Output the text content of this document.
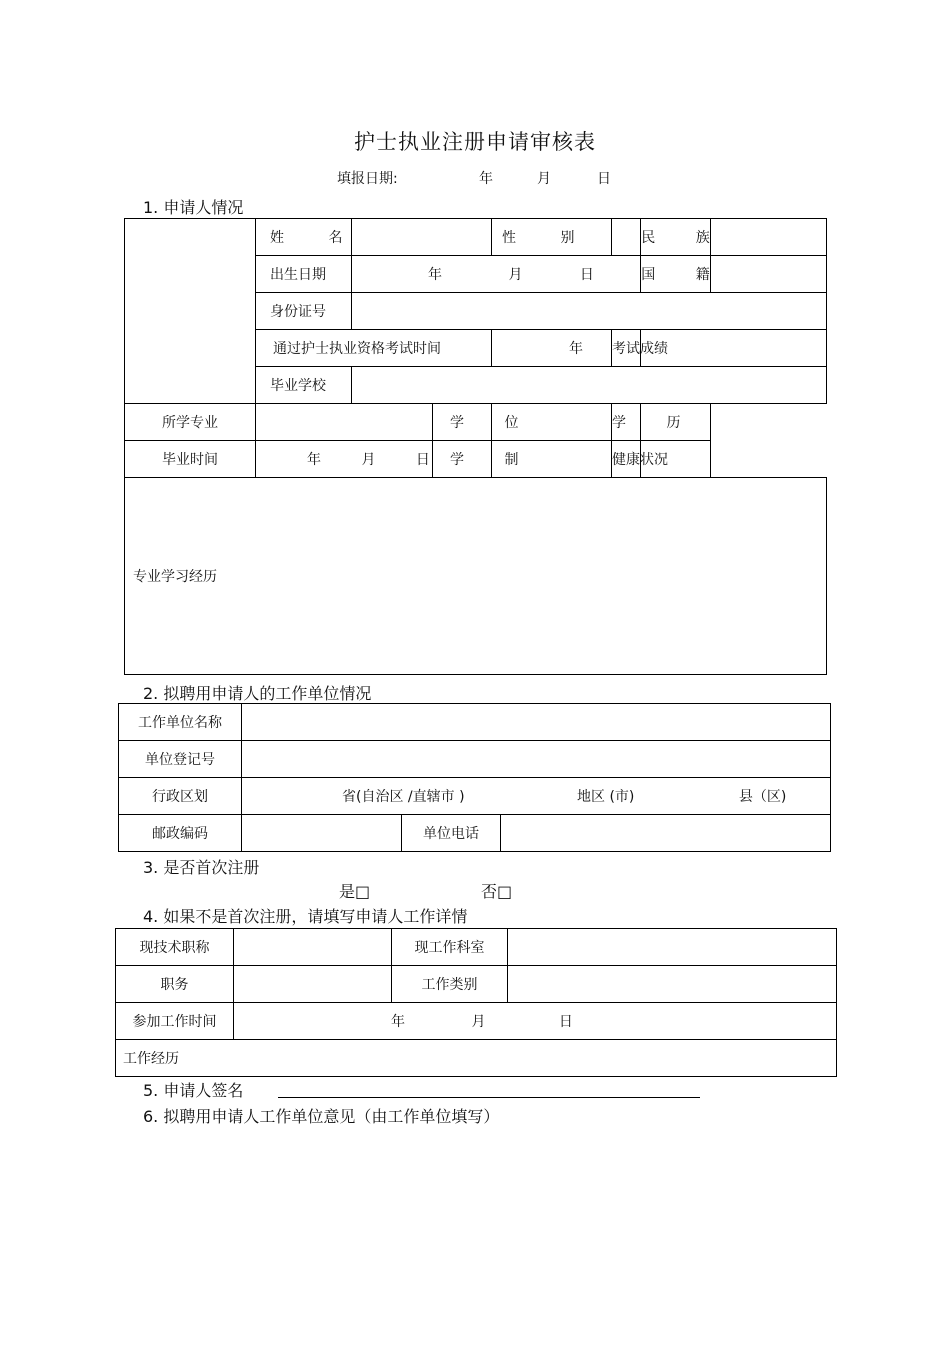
护士执业注册申请审核表
填报日期:	年	月	日
1. 申请人情况
	姓 名			性 别		民 族	
	出生日期	年 月 日				国 籍	
	身份证号						
	通过护士执业资格考试时间			年	考试成绩		
	毕业学校						
所学专业			学 位		学 历		
毕业时间	年 月 日		学 制		健康状况		
专业学习经历							
2. 拟聘用申请人的工作单位情况
工作单位名称			
单位登记号			
行政区划	省(自治区 /直辖市 ) 地区 (市) 县（区)		
邮政编码		单位电话	
3. 是否首次注册
是□	否□
4. 如果不是首次注册，请填写申请人工作详情
现技术职称		现工作科室	
职务		工作类别	
参加工作时间	年 月 日		
工作经历			
5. 申请人签名
6. 拟聘用申请人工作单位意见（由工作单位填写）
